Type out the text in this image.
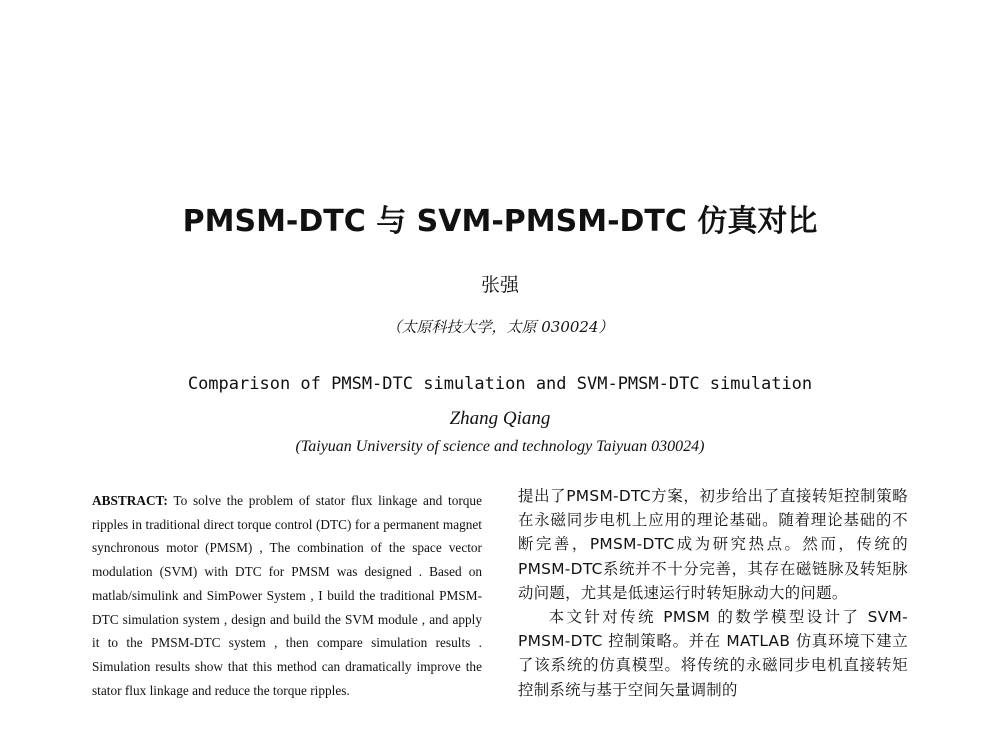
PMSM-DTC 与 SVM-PMSM-DTC 仿真对比
张强
（太原科技大学，太原 030024）
Comparison of PMSM-DTC simulation and SVM-PMSM-DTC simulation
Zhang Qiang
(Taiyuan University of science and technology Taiyuan 030024)
ABSTRACT: To solve the problem of stator flux linkage and torque ripples in traditional direct torque control (DTC) for a permanent magnet synchronous motor (PMSM) , The combination of the space vector modulation (SVM) with DTC for PMSM was designed . Based on matlab/simulink and SimPower System , I build the traditional PMSM-DTC simulation system , design and build the SVM module , and apply it to the PMSM-DTC system , then compare simulation results . Simulation results show that this method can dramatically improve the stator flux linkage and reduce the torque ripples.

提出了PMSM-DTC方案，初步给出了直接转矩控制策略在永磁同步电机上应用的理论基础。随着理论基础的不断完善，PMSM-DTC成为研究热点。然而，传统的PMSM-DTC系统并不十分完善，其存在磁链脉及转矩脉动问题，尤其是低速运行时转矩脉动大的问题。

本文针对传统 PMSM 的数学模型设计了 SVM-PMSM-DTC 控制策略。并在 MATLAB 仿真环境下建立了该系统的仿真模型。将传统的永磁同步电机直接转矩控制系统与基于空间矢量调制的
